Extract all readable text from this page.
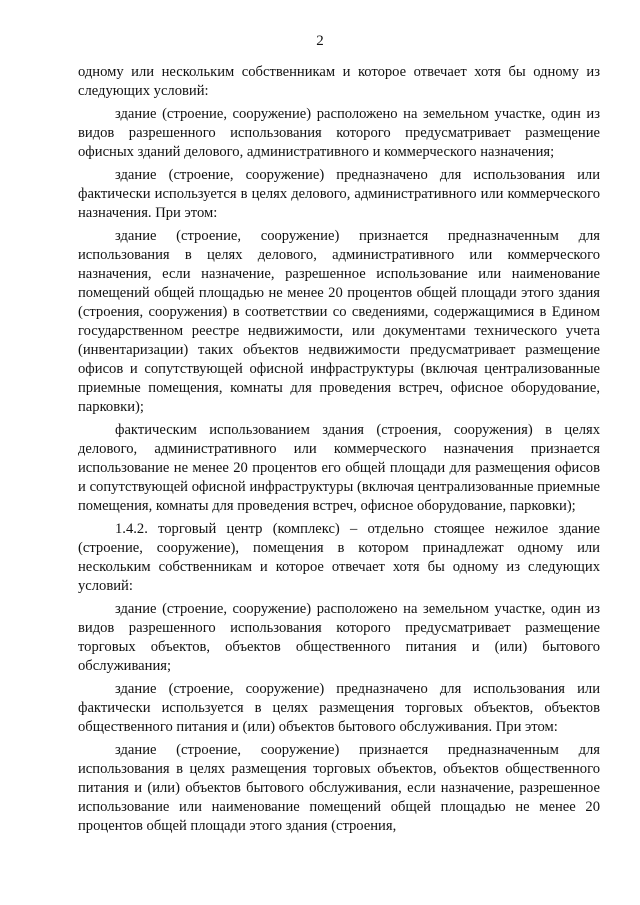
2

одному или нескольким собственникам и которое отвечает хотя бы одному из следующих условий:

здание (строение, сооружение) расположено на земельном участке, один из видов разрешенного использования которого предусматривает размещение офисных зданий делового, административного и коммерческого назначения;

здание (строение, сооружение) предназначено для использования или фактически используется в целях делового, административного или коммерческого назначения. При этом:

здание (строение, сооружение) признается предназначенным для использования в целях делового, административного или коммерческого назначения, если назначение, разрешенное использование или наименование помещений общей площадью не менее 20 процентов общей площади этого здания (строения, сооружения) в соответствии со сведениями, содержащимися в Едином государственном реестре недвижимости, или документами технического учета (инвентаризации) таких объектов недвижимости предусматривает размещение офисов и сопутствующей офисной инфраструктуры (включая централизованные приемные помещения, комнаты для проведения встреч, офисное оборудование, парковки);

фактическим использованием здания (строения, сооружения) в целях делового, административного или коммерческого назначения признается использование не менее 20 процентов его общей площади для размещения офисов и сопутствующей офисной инфраструктуры (включая централизованные приемные помещения, комнаты для проведения встреч, офисное оборудование, парковки);

1.4.2. торговый центр (комплекс) – отдельно стоящее нежилое здание (строение, сооружение), помещения в котором принадлежат одному или нескольким собственникам и которое отвечает хотя бы одному из следующих условий:

здание (строение, сооружение) расположено на земельном участке, один из видов разрешенного использования которого предусматривает размещение торговых объектов, объектов общественного питания и (или) бытового обслуживания;

здание (строение, сооружение) предназначено для использования или фактически используется в целях размещения торговых объектов, объектов общественного питания и (или) объектов бытового обслуживания. При этом:

здание (строение, сооружение) признается предназначенным для использования в целях размещения торговых объектов, объектов общественного питания и (или) объектов бытового обслуживания, если назначение, разрешенное использование или наименование помещений общей площадью не менее 20 процентов общей площади этого здания (строения,
